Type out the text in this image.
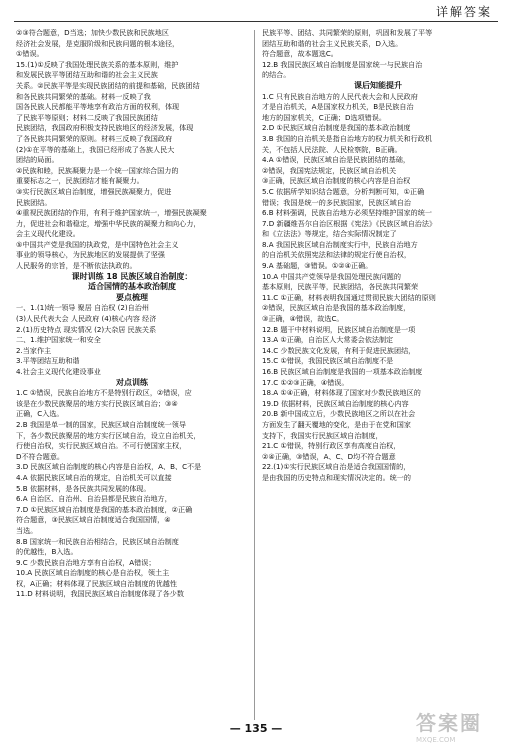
详解答案
②③符合题意，D当选；加快少数民族和民族地区
经济社会发展，是克服阶级和民族问题的根本途径，
①错误。
15.(1)①反映了我国处理民族关系的基本原则，维护
和发展民族平等团结互助和谐的社会主义民族
关系。②民族平等是实现民族团结的前提和基础，民族团结
和各民族共同繁荣的基础。材料一反映了我
国各民族人民都能平等地享有政治方面的权利，体现
了民族平等原则；材料二反映了我国民族团结
民族团结，我国政府积极支持民族地区的经济发展，体现
了各民族共同繁荣的原则。材料三反映了我国政府
(2)①在平等的基础上，我国已经形成了各族人民大
团结的局面。
②民族和睦，民族凝聚力是一个统一国家综合国力的
重要标志之一，民族团结才能有凝聚力。
③实行民族区域自治制度，增强民族凝聚力，促进
民族团结。
④重视民族团结的作用，有利于维护国家统一，增强民族凝聚
力，促进社会和谐稳定，增强中华民族的凝聚力和向心力，
会主义现代化建设。
⑤中国共产党是我国的执政党，是中国特色社会主义
事业的领导核心，为民族地区的发展提供了坚强
人民服务的宗旨，是不断依法执政的。
课时训练 18 民族区域自治制度：
适合国情的基本政治制度
要点梳理
一、1.(1)统一领导 聚居 自治权 (2)自治州
(3)人民代表大会 人民政府 (4)核心内容 经济
2.(1)历史特点 现实情况 (2)大杂居 民族关系
二、1.维护国家统一和安全
2.当家作主
3.平等团结互助和谐
4.社会主义现代化建设事业
对点训练
1.C ①错误，民族自治地方不是特别行政区，②错误，应
该是在少数民族聚居的地方实行民族区域自治；③④
正确，C入选。
2.B 我国是单一制的国家，民族区域自治制度统一领导
下，各少数民族聚居的地方实行区域自治，设立自治机关，
行使自治权，实行民族区域自治。不可行使国家主权，
D不符合题意。
3.D 民族区域自治制度的核心内容是自治权，A、B、C不是
4.A 依据民族区域自治的规定，自治机关可以直接
5.B 依据材料，是各民族共同发展的体现。
6.A 自治区、自治州、自治县都是民族自治地方，
7.D ①民族区域自治制度是我国的基本政治制度，②正确
符合题意，③民族区域自治制度适合我国国情，④
当选。
8.B 国家统一和民族自治相结合，民族区域自治制度
的优越性，B入选。
9.C 少数民族自治地方享有自治权，A错误；
10.A 民族区域自治制度的核心是自治权，领土主
权，A正确；材料体现了民族区域自治制度的优越性
11.D 材料说明，我国民族区域自治制度体现了各少数
民族平等、团结、共同繁荣的原则，巩固和发展了平等
团结互助和谐的社会主义民族关系，D入选。
符合题意，故本题选C。
12.B 我国民族区域自治制度是国家统一与民族自治
的结合。
课后知能提升
1.C 只有民族自治地方的人民代表大会和人民政府
才是自治机关，A是国家权力机关，B是民族自治
地方的国家机关，C正确；D选项错误。
2.D ①民族区域自治制度是我国的基本政治制度
3.B 我国的自治机关是指自治地方的权力机关和行政机
关，不包括人民法院、人民检察院，B正确。
4.A ①错误，民族区域自治是民族团结的基础，
②错误，我国宪法规定，民族区域自治机关
③正确，民族区域自治制度的核心内容是自治权
5.C 依据所学知识结合题意，分析判断可知，①正确
错误；我国是统一的多民族国家，民族区域自治
6.B 材料强调，民族自治地方必须坚持维护国家的统一
7.D 新疆维吾尔自治区根据《宪法》《民族区域自治法》
和《立法法》等规定，结合实际情况制定了
8.A 我国民族区域自治制度实行中，民族自治地方
的自治机关依照宪法和法律的规定行使自治权，
9.A 基础题，③错误。①②④正确。
10.A 中国共产党领导是我国处理民族问题的
基本原则，民族平等，民族团结，各民族共同繁荣
11.C ①正确，材料表明我国通过贯彻民族大团结的原则
②错误，民族区域自治是我国的基本政治制度，
③正确，④错误，故选C。
12.B 题干中材料说明，民族区域自治制度是一项
13.A ①正确，自治区人大常委会依法制定
14.C 少数民族文化发展，有利于促进民族团结，
15.C ①错误，我国民族区域自治制度不是
16.B 民族区域自治制度是我国的一项基本政治制度
17.C ①②③正确，④错误。
18.A ①④正确，材料体现了国家对少数民族地区的
19.D 依据材料，民族区域自治制度的核心内容
20.B 新中国成立后，少数民族地区之所以在社会
方面发生了翻天覆地的变化，是由于在党和国家
支持下，我国实行民族区域自治制度，
21.C ①错误，特别行政区享有高度自治权，
②④正确，③错误，A、C、D均不符合题意
22.(1)①实行民族区域自治是适合我国国情的，
是由我国的历史特点和现实情况决定的。统一的
— 135 —	答案圈
MXQE.COM
